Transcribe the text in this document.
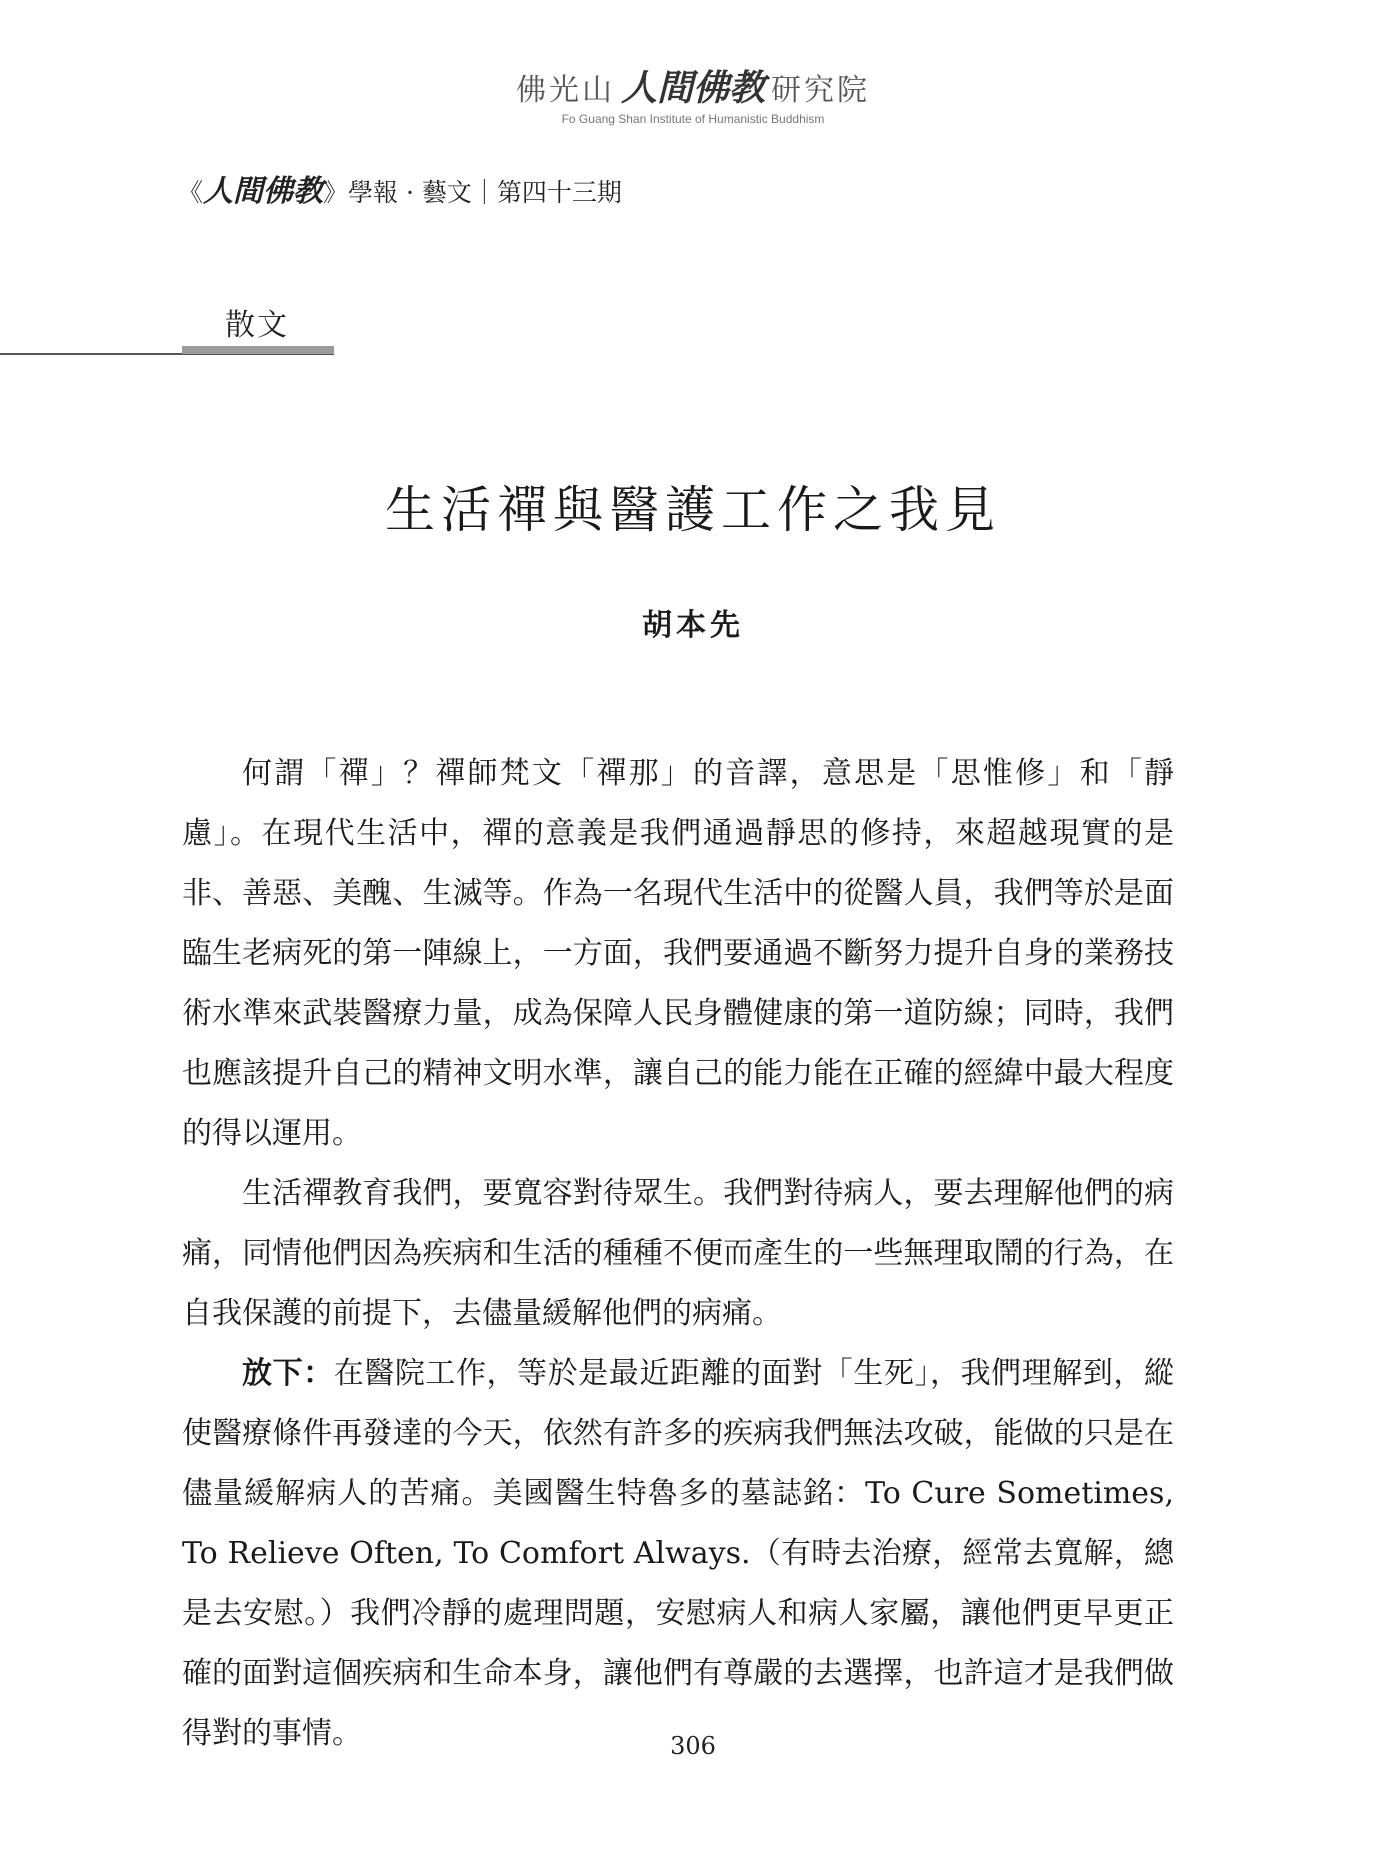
佛光山 人間佛教 研究院
Fo Guang Shan Institute of Humanistic Buddhism
《人間佛教》學報 · 藝文｜第四十三期
散文
生活禪與醫護工作之我見
胡本先

何謂「禪」？禪師梵文「禪那」的音譯，意思是「思惟修」和「靜慮」。在現代生活中，禪的意義是我們通過靜思的修持，來超越現實的是非、善惡、美醜、生滅等。作為一名現代生活中的從醫人員，我們等於是面臨生老病死的第一陣線上，一方面，我們要通過不斷努力提升自身的業務技術水準來武裝醫療力量，成為保障人民身體健康的第一道防線；同時，我們也應該提升自己的精神文明水準，讓自己的能力能在正確的經緯中最大程度的得以運用。

生活禪教育我們，要寬容對待眾生。我們對待病人，要去理解他們的病痛，同情他們因為疾病和生活的種種不便而產生的一些無理取鬧的行為，在自我保護的前提下，去儘量緩解他們的病痛。

放下：在醫院工作，等於是最近距離的面對「生死」，我們理解到，縱使醫療條件再發達的今天，依然有許多的疾病我們無法攻破，能做的只是在儘量緩解病人的苦痛。美國醫生特魯多的墓誌銘：To Cure Sometimes, To Relieve Often, To Comfort Always.（有時去治療，經常去寬解，總是去安慰。）我們冷靜的處理問題，安慰病人和病人家屬，讓他們更早更正確的面對這個疾病和生命本身，讓他們有尊嚴的去選擇，也許這才是我們做得對的事情。	306
